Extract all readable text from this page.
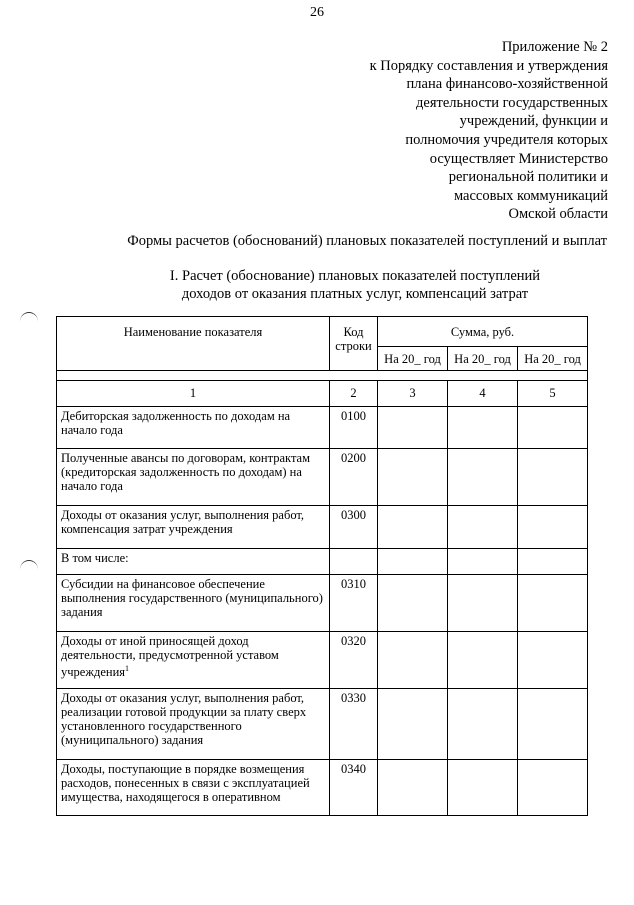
26
Приложение № 2
к Порядку составления и утверждения
плана финансово-хозяйственной
деятельности государственных
учреждений, функции и
полномочия учредителя которых
осуществляет Министерство
региональной политики и
массовых коммуникаций
Омской области
Формы расчетов (обоснований) плановых показателей поступлений и выплат
I. Расчет (обоснование) плановых показателей поступлений
доходов от оказания платных услуг, компенсаций затрат
Наименование показателя	Код строки	Сумма, руб.		
		На 20_ год	На 20_ год	На 20_ год

1	2	3	4	5
Дебиторская задолженность по доходам на начало года	0100			
Полученные авансы по договорам, контрактам (кредиторская задолженность по доходам) на начало года	0200			
Доходы от оказания услуг, выполнения работ, компенсация затрат учреждения	0300			
В том числе:				
Субсидии на финансовое обеспечение выполнения государственного (муниципального) задания	0310			
Доходы от иной приносящей доход деятельности, предусмотренной уставом учреждения$^1$	0320			
Доходы от оказания услуг, выполнения работ, реализации готовой продукции за плату сверх установленного государственного (муниципального) задания	0330			
Доходы, поступающие в порядке возмещения расходов, понесенных в связи с эксплуатацией имущества, находящегося в оперативном	0340			
